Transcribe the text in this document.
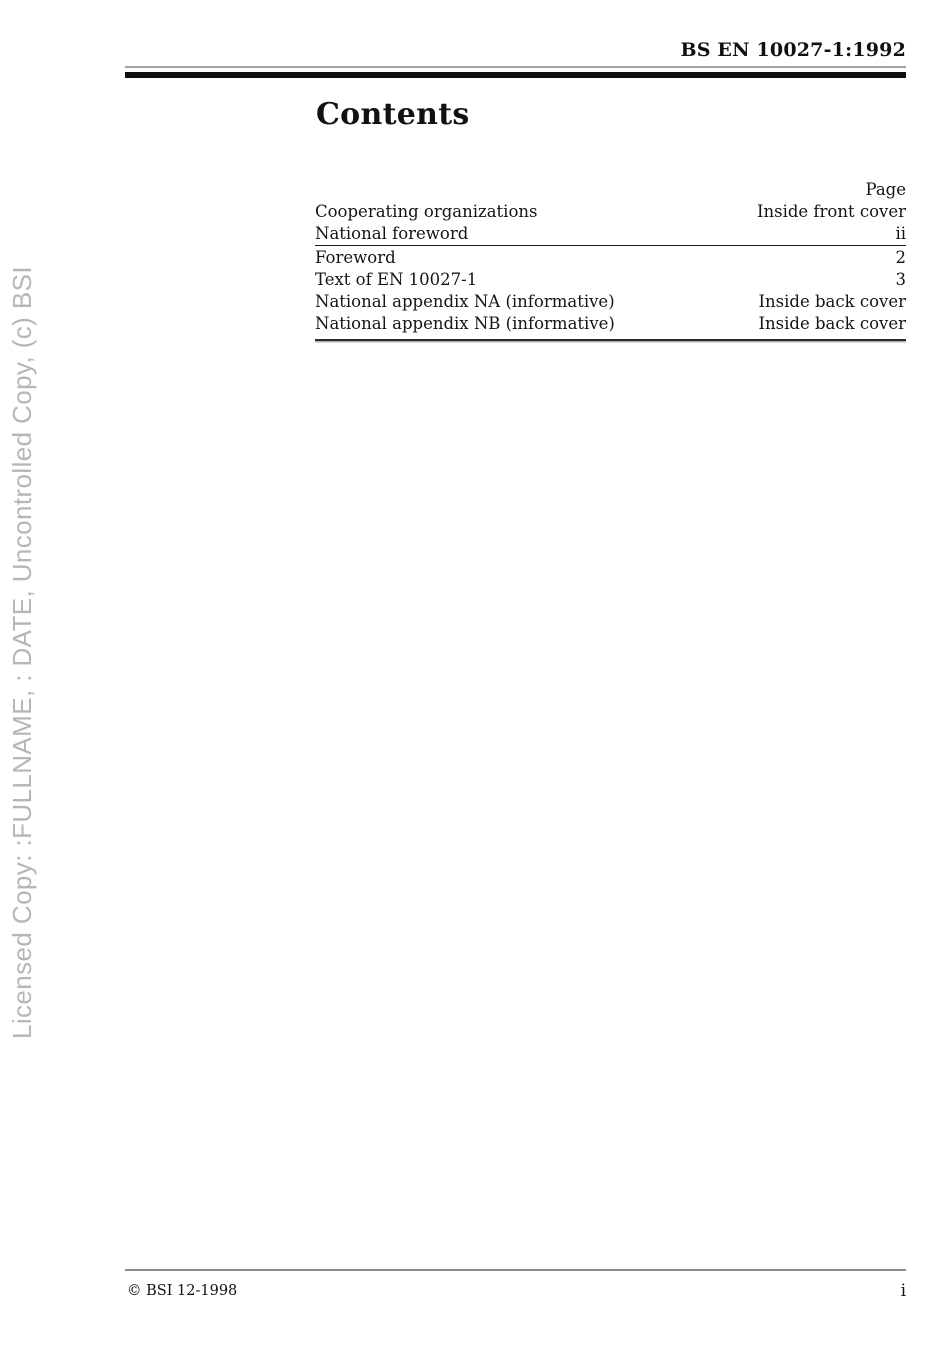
BS EN 10027-1:1992
Contents
Page
Cooperating organizations	Inside front cover
National foreword	ii
Foreword	2
Text of EN 10027-1	3
National appendix NA (informative)	Inside back cover
National appendix NB (informative)	Inside back cover
Licensed Copy: :FULLNAME, : DATE, Uncontrolled Copy, (c) BSI
© BSI 12-1998	i
